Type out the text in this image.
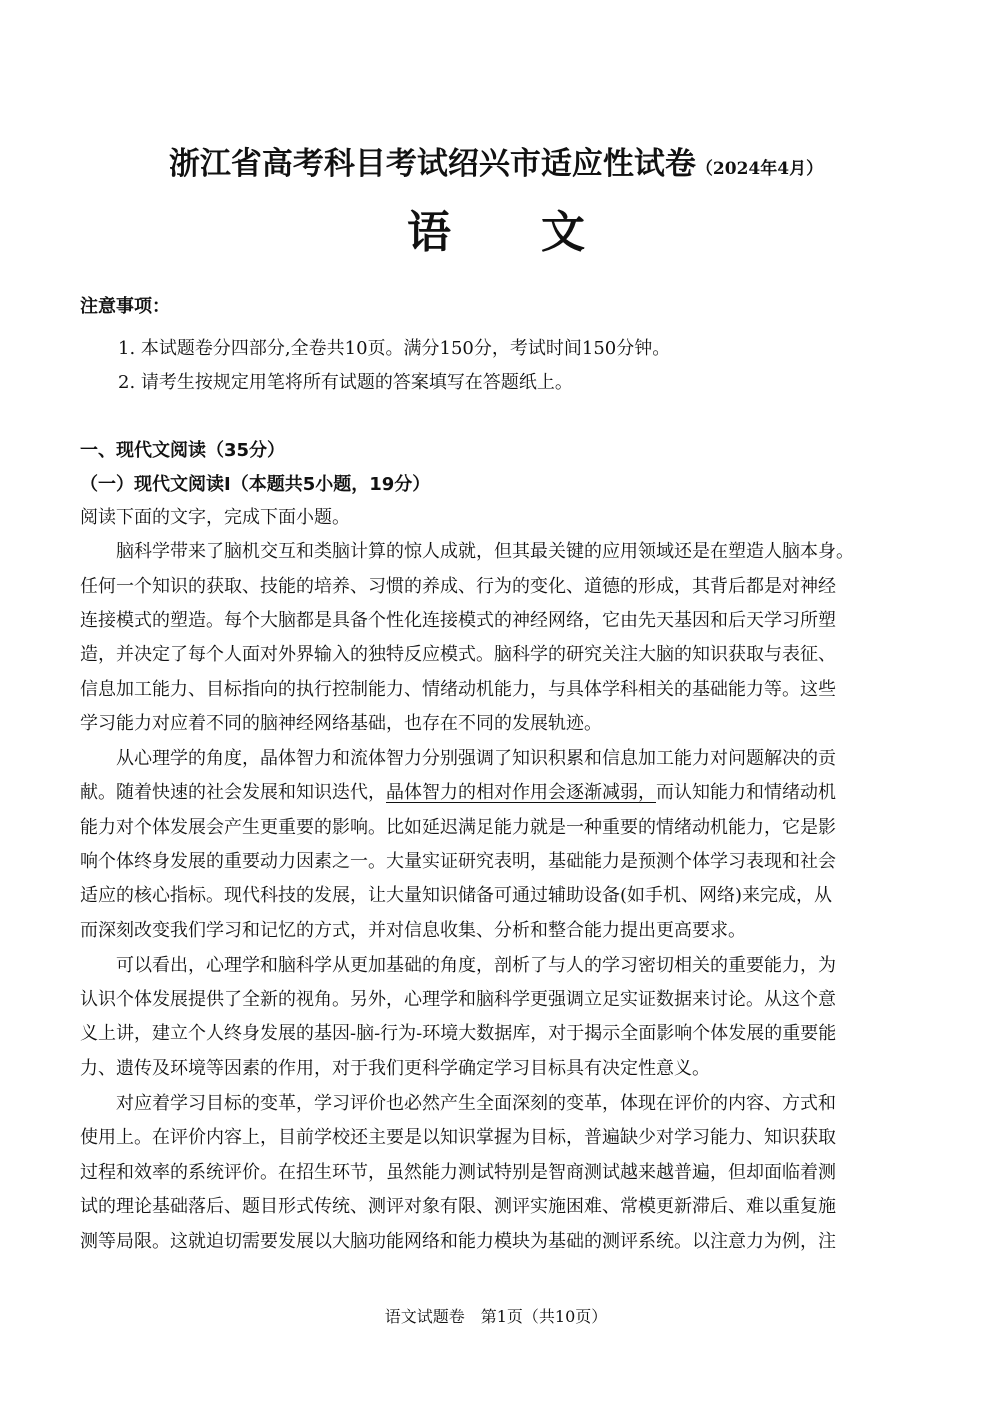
浙江省高考科目考试绍兴市适应性试卷（2024年4月）
语 文
注意事项：
1. 本试题卷分四部分,全卷共10页。满分150分，考试时间150分钟。
2. 请考生按规定用笔将所有试题的答案填写在答题纸上。
一、现代文阅读（35分）
（一）现代文阅读Ⅰ（本题共5小题，19分）
阅读下面的文字，完成下面小题。
脑科学带来了脑机交互和类脑计算的惊人成就，但其最关键的应用领域还是在塑造人脑本身。
任何一个知识的获取、技能的培养、习惯的养成、行为的变化、道德的形成，其背后都是对神经
连接模式的塑造。每个大脑都是具备个性化连接模式的神经网络，它由先天基因和后天学习所塑
造，并决定了每个人面对外界输入的独特反应模式。脑科学的研究关注大脑的知识获取与表征、
信息加工能力、目标指向的执行控制能力、情绪动机能力，与具体学科相关的基础能力等。这些
学习能力对应着不同的脑神经网络基础，也存在不同的发展轨迹。
从心理学的角度，晶体智力和流体智力分别强调了知识积累和信息加工能力对问题解决的贡
献。随着快速的社会发展和知识迭代，晶体智力的相对作用会逐渐减弱，而认知能力和情绪动机
能力对个体发展会产生更重要的影响。比如延迟满足能力就是一种重要的情绪动机能力，它是影
响个体终身发展的重要动力因素之一。大量实证研究表明，基础能力是预测个体学习表现和社会
适应的核心指标。现代科技的发展，让大量知识储备可通过辅助设备(如手机、网络)来完成，从
而深刻改变我们学习和记忆的方式，并对信息收集、分析和整合能力提出更高要求。
可以看出，心理学和脑科学从更加基础的角度，剖析了与人的学习密切相关的重要能力，为
认识个体发展提供了全新的视角。另外，心理学和脑科学更强调立足实证数据来讨论。从这个意
义上讲，建立个人终身发展的基因-脑-行为-环境大数据库，对于揭示全面影响个体发展的重要能
力、遗传及环境等因素的作用，对于我们更科学确定学习目标具有决定性意义。
对应着学习目标的变革，学习评价也必然产生全面深刻的变革，体现在评价的内容、方式和
使用上。在评价内容上，目前学校还主要是以知识掌握为目标，普遍缺少对学习能力、知识获取
过程和效率的系统评价。在招生环节，虽然能力测试特别是智商测试越来越普遍，但却面临着测
试的理论基础落后、题目形式传统、测评对象有限、测评实施困难、常模更新滞后、难以重复施
测等局限。这就迫切需要发展以大脑功能网络和能力模块为基础的测评系统。以注意力为例，注
语文试题卷　第1页（共10页）
